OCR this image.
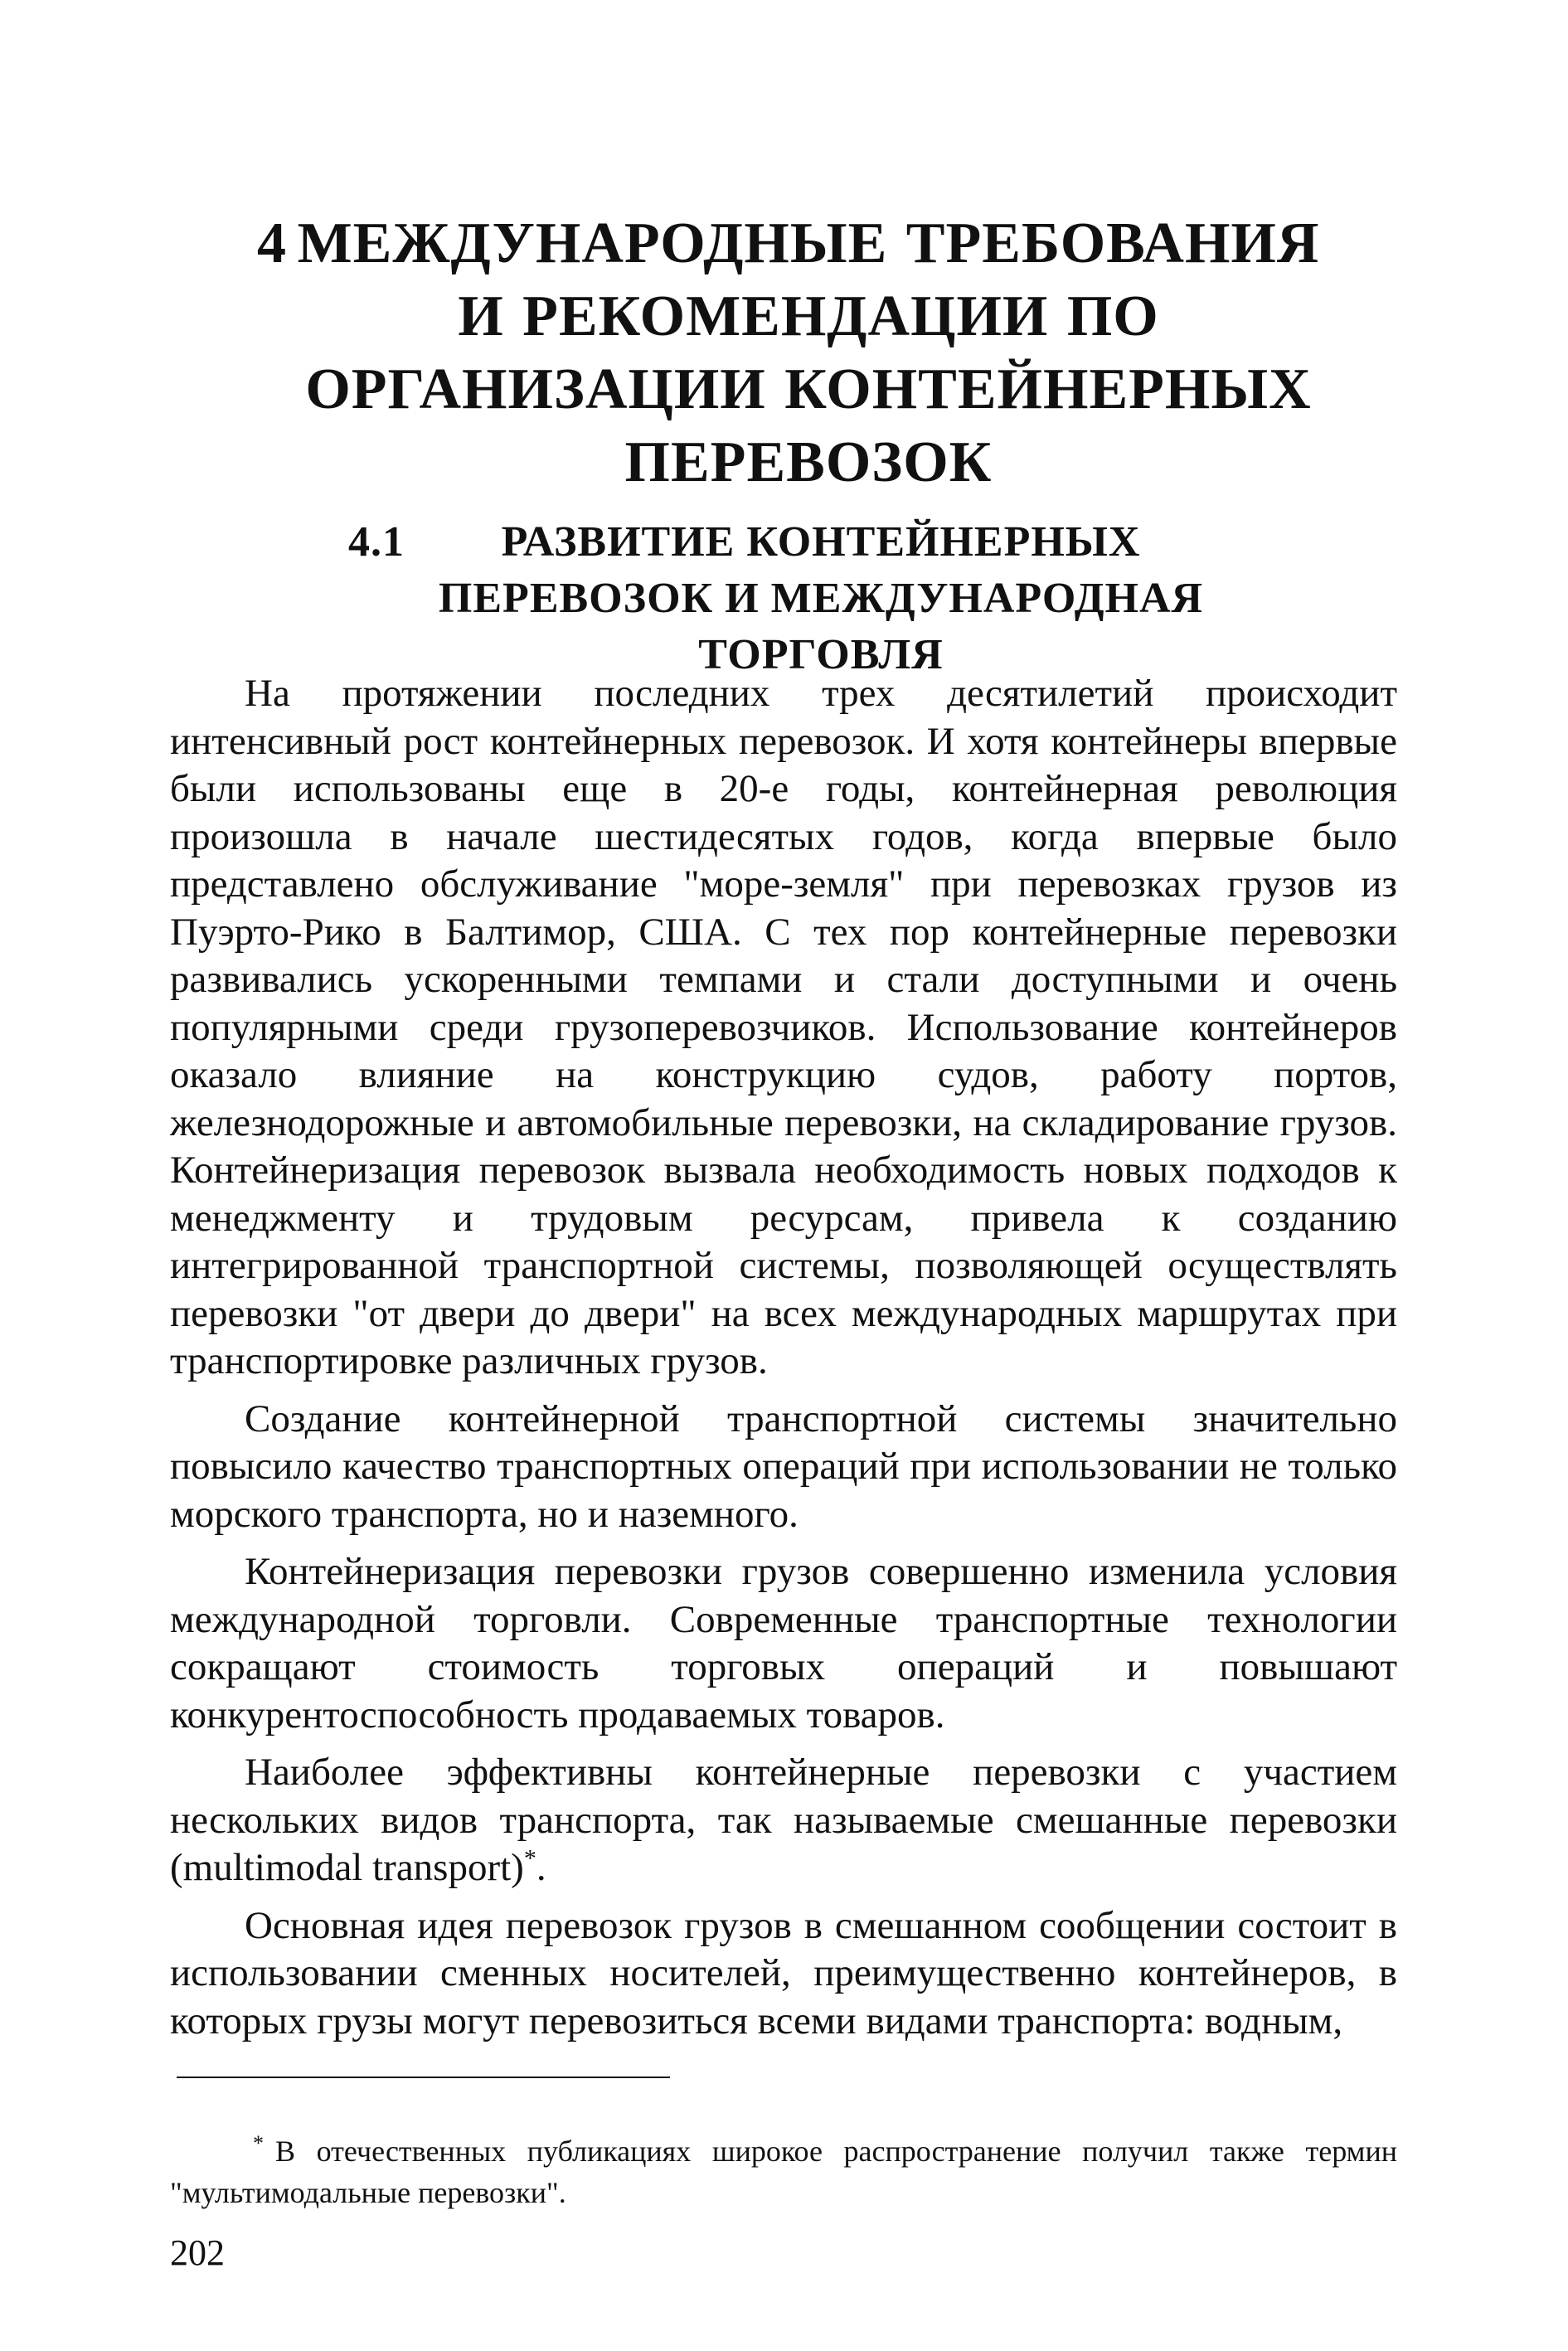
4 МЕЖДУНАРОДНЫЕ ТРЕБОВАНИЯ И РЕКОМЕНДАЦИИ ПО ОРГАНИЗАЦИИ КОНТЕЙНЕРНЫХ ПЕРЕВОЗОК
4.1 РАЗВИТИЕ КОНТЕЙНЕРНЫХ ПЕРЕВОЗОК И МЕЖДУНАРОДНАЯ ТОРГОВЛЯ

На протяжении последних трех десятилетий происходит интенсивный рост контейнерных перевозок. И хотя контейнеры впервые были использованы еще в 20-е годы, контейнерная революция произошла в начале шестидесятых годов, когда впервые было представлено обслуживание "море-земля" при перевозках грузов из Пуэрто-Рико в Балтимор, США. С тех пор контейнерные перевозки развивались ускоренными темпами и стали доступными и очень популярными среди грузоперевозчиков. Использование контейнеров оказало влияние на конструкцию судов, работу портов, железнодорожные и автомобильные перевозки, на складирование грузов. Контейнеризация перевозок вызвала необходимость новых подходов к менеджменту и трудовым ресурсам, привела к созданию интегрированной транспортной системы, позволяющей осуществлять перевозки "от двери до двери" на всех международных маршрутах при транспортировке различных грузов.

Создание контейнерной транспортной системы значительно повысило качество транспортных операций при использовании не только морского транспорта, но и наземного.

Контейнеризация перевозки грузов совершенно изменила условия международной торговли. Современные транспортные технологии сокращают стоимость торговых операций и повышают конкурентоспособность продаваемых товаров.

Наиболее эффективны контейнерные перевозки с участием нескольких видов транспорта, так называемые смешанные перевозки (multimodal transport)*.

Основная идея перевозок грузов в смешанном сообщении состоит в использовании сменных носителей, преимущественно контейнеров, в которых грузы могут перевозиться всеми видами транспорта: водным,

* В отечественных публикациях широкое распространение получил также термин "мультимодальные перевозки".

202
